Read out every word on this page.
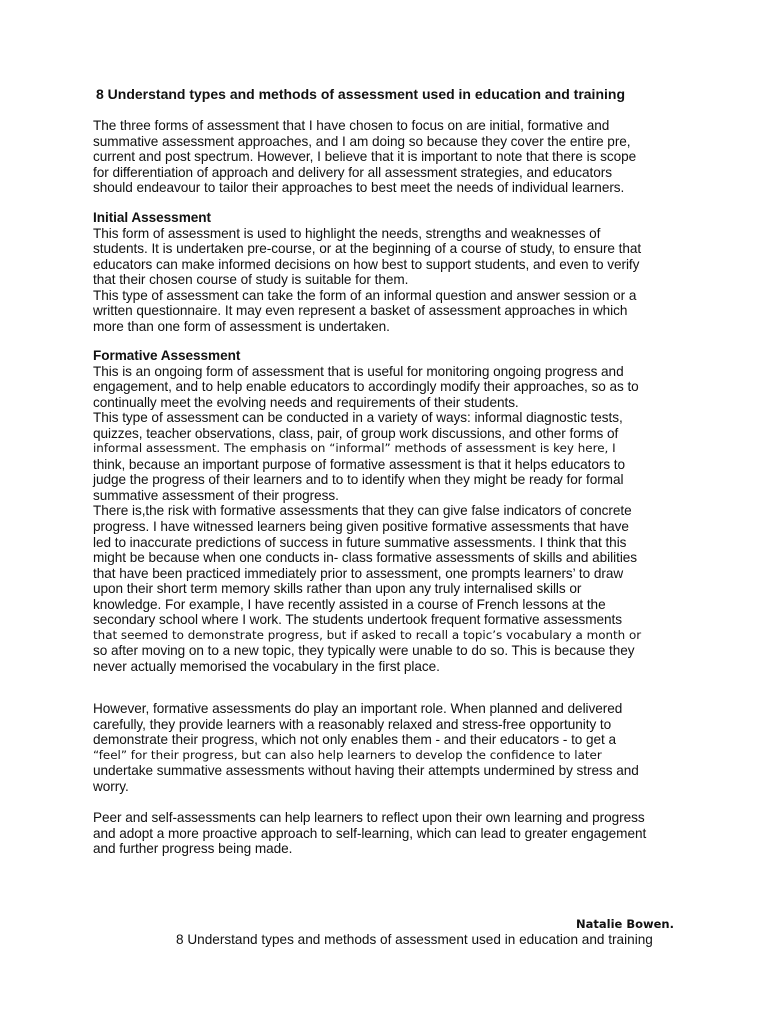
8 Understand types and methods of assessment used in education and training
The three forms of assessment that I have chosen to focus on are initial, formative and
summative assessment approaches, and I am doing so because they cover the entire pre,
current and post spectrum. However, I believe that it is important to note that there is scope
for differentiation of approach and delivery for all assessment strategies, and educators
should endeavour to tailor their approaches to best meet the needs of individual learners.
Initial Assessment
This form of assessment is used to highlight the needs, strengths and weaknesses of
students. It is undertaken pre-course, or at the beginning of a course of study, to ensure that
educators can make informed decisions on how best to support students, and even to verify
that their chosen course of study is suitable for them.
This type of assessment can take the form of an informal question and answer session or a
written questionnaire. It may even represent a basket of assessment approaches in which
more than one form of assessment is undertaken.
Formative Assessment
This is an ongoing form of assessment that is useful for monitoring ongoing progress and
engagement, and to help enable educators to accordingly modify their approaches, so as to
continually meet the evolving needs and requirements of their students.
This type of assessment can be conducted in a variety of ways: informal diagnostic tests,
quizzes, teacher observations, class, pair, of group work discussions, and other forms of
informal assessment. The emphasis on “informal” methods of assessment is key here, I
think, because an important purpose of formative assessment is that it helps educators to
judge the progress of their learners and to to identify when they might be ready for formal
summative assessment of their progress.
There is,the risk with formative assessments that they can give false indicators of concrete
progress. I have witnessed learners being given positive formative assessments that have
led to inaccurate predictions of success in future summative assessments. I think that this
might be because when one conducts in- class formative assessments of skills and abilities
that have been practiced immediately prior to assessment, one prompts learners’ to draw
upon their short term memory skills rather than upon any truly internalised skills or
knowledge. For example, I have recently assisted in a course of French lessons at the
secondary school where I work. The students undertook frequent formative assessments
that seemed to demonstrate progress, but if asked to recall a topic’s vocabulary a month or
so after moving on to a new topic, they typically were unable to do so. This is because they
never actually memorised the vocabulary in the first place.
However, formative assessments do play an important role. When planned and delivered
carefully, they provide learners with a reasonably relaxed and stress-free opportunity to
demonstrate their progress, which not only enables them - and their educators - to get a
“feel” for their progress, but can also help learners to develop the confidence to later
undertake summative assessments without having their attempts undermined by stress and
worry.
Peer and self-assessments can help learners to reflect upon their own learning and progress
and adopt a more proactive approach to self-learning, which can lead to greater engagement
and further progress being made.
Natalie Bowen.
8 Understand types and methods of assessment used in education and training
